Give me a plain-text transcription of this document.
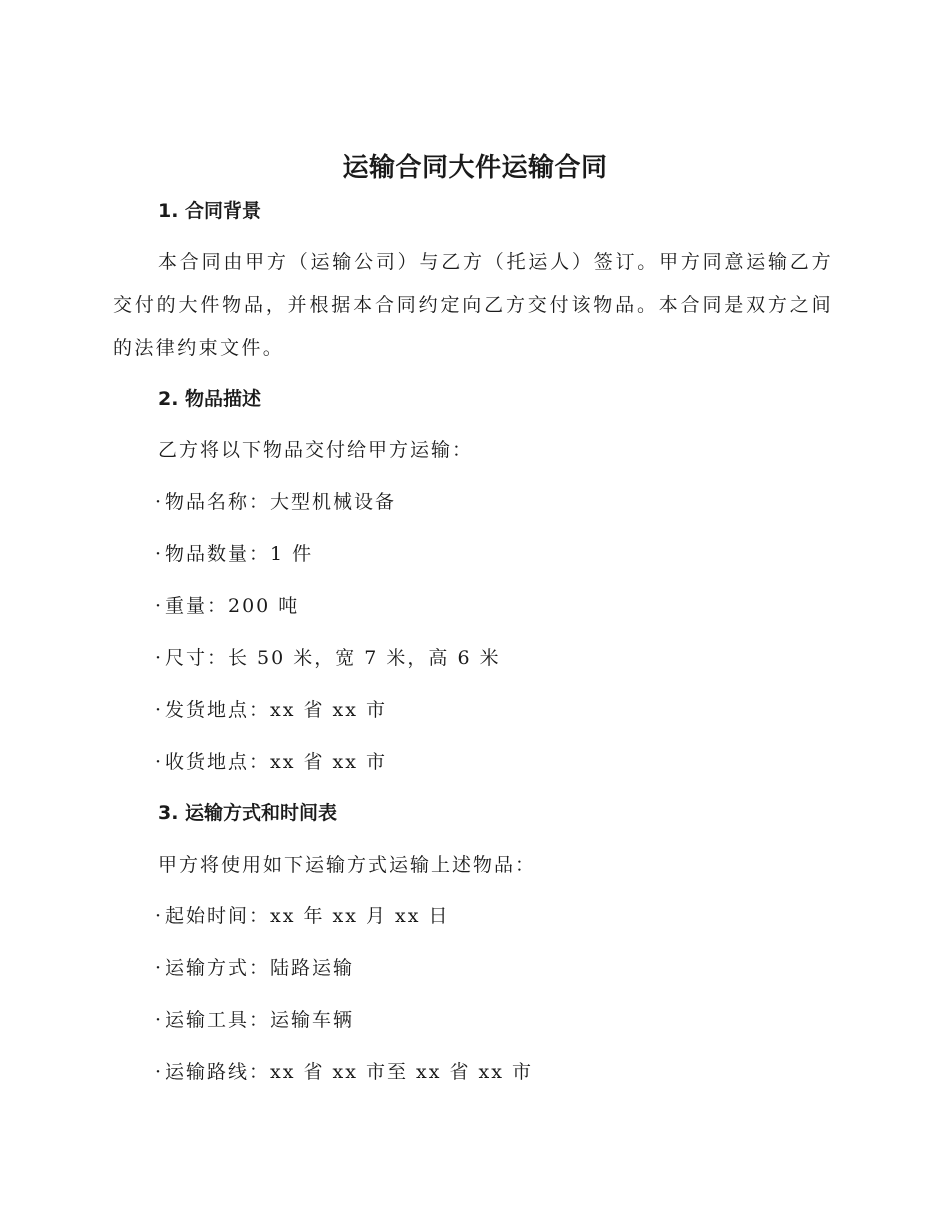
运输合同大件运输合同
1. 合同背景

本合同由甲方（运输公司）与乙方（托运人）签订。甲方同意运输乙方交付的大件物品，并根据本合同约定向乙方交付该物品。本合同是双方之间的法律约束文件。

2. 物品描述

乙方将以下物品交付给甲方运输：

· 物品名称：大型机械设备

· 物品数量：1 件

· 重量：200 吨

· 尺寸：长 50 米，宽 7 米，高 6 米

· 发货地点：xx 省 xx 市

· 收货地点：xx 省 xx 市

3. 运输方式和时间表

甲方将使用如下运输方式运输上述物品：

· 起始时间：xx 年 xx 月 xx 日

· 运输方式：陆路运输

· 运输工具：运输车辆

· 运输路线：xx 省 xx 市至 xx 省 xx 市
